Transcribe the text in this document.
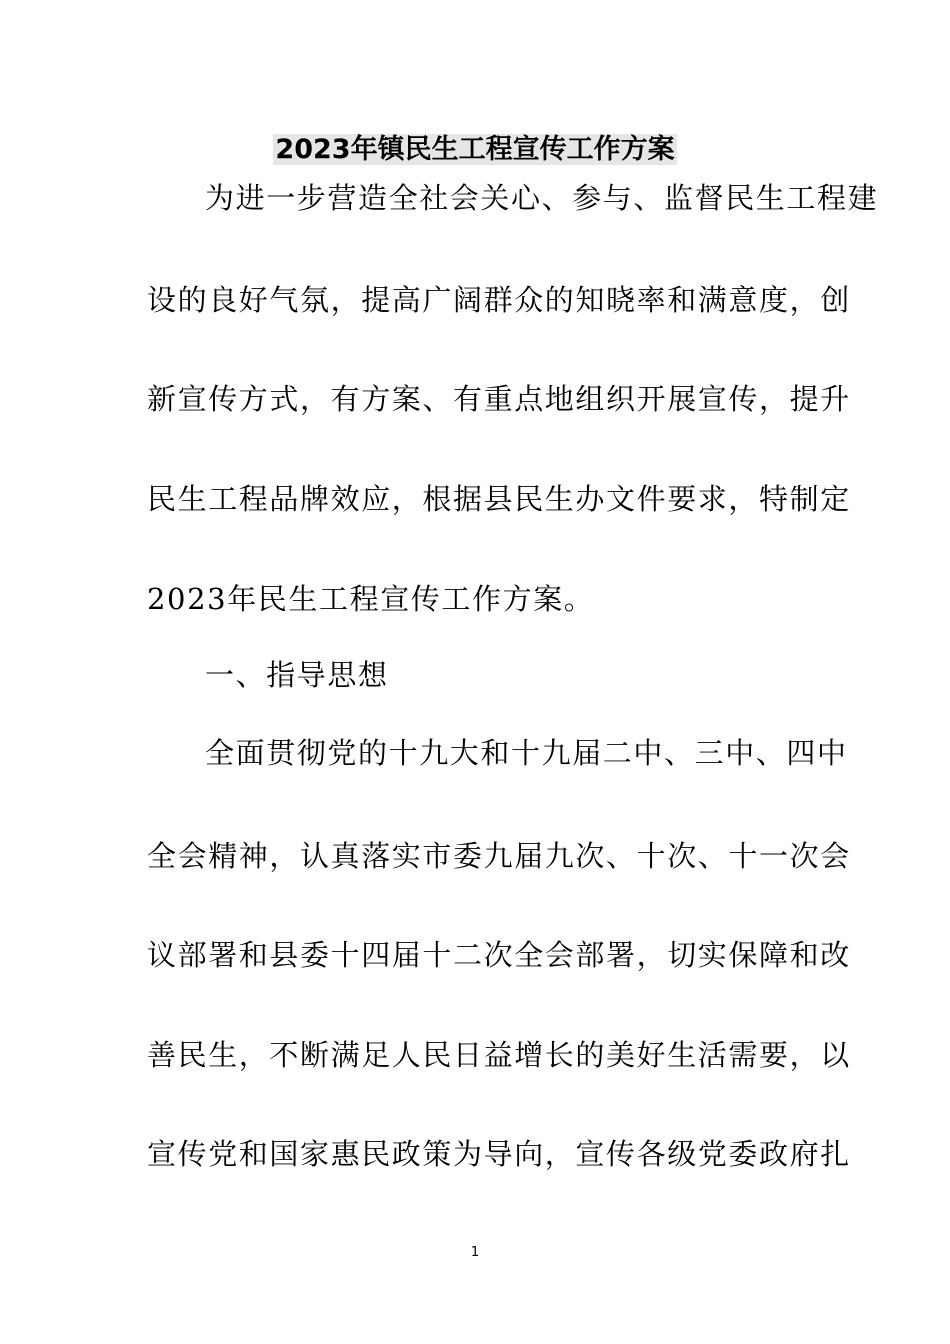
2023年镇民生工程宣传工作方案
为进一步营造全社会关心、参与、监督民生工程建
设的良好气氛，提高广阔群众的知晓率和满意度，创
新宣传方式，有方案、有重点地组织开展宣传，提升
民生工程品牌效应，根据县民生办文件要求，特制定
2023年民生工程宣传工作方案。
一、指导思想
全面贯彻党的十九大和十九届二中、三中、四中
全会精神，认真落实市委九届九次、十次、十一次会
议部署和县委十四届十二次全会部署，切实保障和改
善民生，不断满足人民日益增长的美好生活需要，以
宣传党和国家惠民政策为导向，宣传各级党委政府扎
1
